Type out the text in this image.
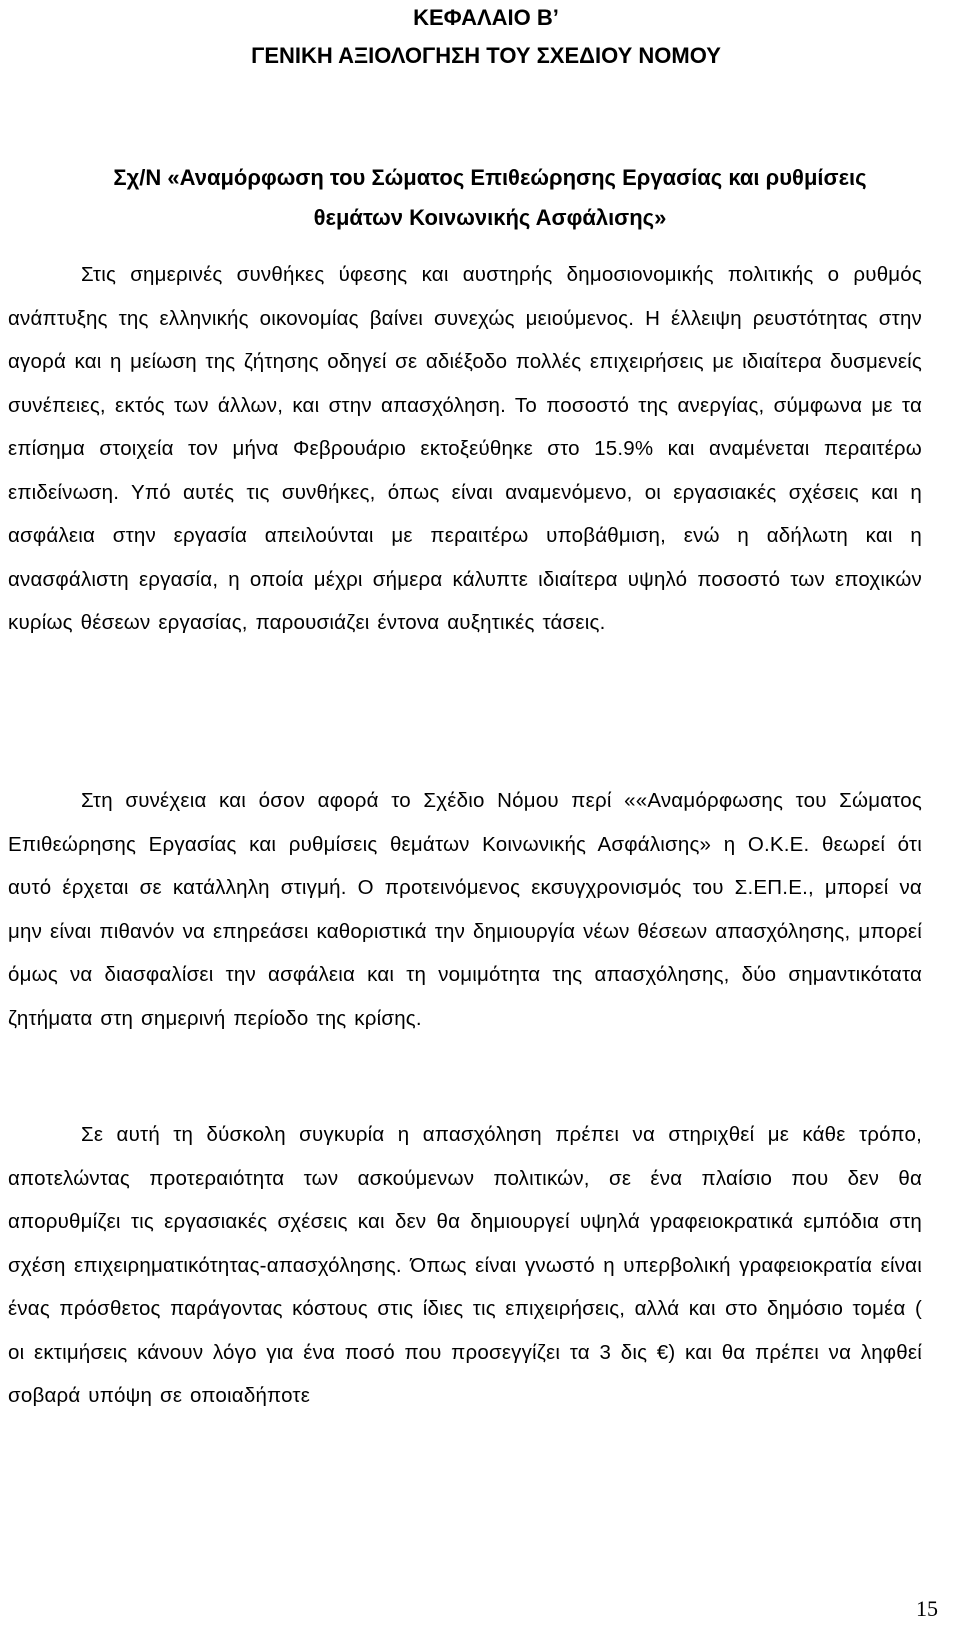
ΚΕΦΑΛΑΙΟ Β’

ΓΕΝΙΚΗ ΑΞΙΟΛΟΓΗΣΗ ΤΟΥ ΣΧΕΔΙΟΥ ΝΟΜΟΥ

Σχ/Ν «Αναμόρφωση του Σώματος Επιθεώρησης Εργασίας και ρυθμίσεις θεμάτων Κοινωνικής Ασφάλισης»

Στις σημερινές συνθήκες ύφεσης και αυστηρής δημοσιονομικής πολιτικής ο ρυθμός ανάπτυξης της ελληνικής οικονομίας βαίνει συνεχώς μειούμενος. Η έλλειψη ρευστότητας στην αγορά και η μείωση της ζήτησης οδηγεί σε αδιέξοδο πολλές επιχειρήσεις με ιδιαίτερα δυσμενείς συνέπειες, εκτός των άλλων, και στην απασχόληση. Το ποσοστό της ανεργίας, σύμφωνα με τα επίσημα στοιχεία τον μήνα Φεβρουάριο εκτοξεύθηκε στο 15.9% και αναμένεται περαιτέρω επιδείνωση. Υπό αυτές τις συνθήκες, όπως είναι αναμενόμενο, οι εργασιακές σχέσεις και η ασφάλεια στην εργασία απειλούνται με περαιτέρω υποβάθμιση, ενώ η αδήλωτη και η ανασφάλιστη εργασία, η οποία μέχρι σήμερα κάλυπτε ιδιαίτερα υψηλό ποσοστό των εποχικών κυρίως θέσεων εργασίας, παρουσιάζει έντονα αυξητικές τάσεις.

Στη συνέχεια και όσον αφορά το Σχέδιο Νόμου περί ««Αναμόρφωσης του Σώματος Επιθεώρησης Εργασίας και ρυθμίσεις θεμάτων Κοινωνικής Ασφάλισης» η Ο.Κ.Ε. θεωρεί ότι αυτό έρχεται σε κατάλληλη στιγμή. Ο προτεινόμενος εκσυγχρονισμός του Σ.ΕΠ.Ε., μπορεί να μην είναι πιθανόν να επηρεάσει καθοριστικά την δημιουργία νέων θέσεων απασχόλησης, μπορεί όμως να διασφαλίσει την ασφάλεια και τη νομιμότητα της απασχόλησης, δύο σημαντικότατα ζητήματα στη σημερινή περίοδο της κρίσης.

Σε αυτή τη δύσκολη συγκυρία η απασχόληση πρέπει να στηριχθεί με κάθε τρόπο, αποτελώντας προτεραιότητα των ασκούμενων πολιτικών, σε ένα πλαίσιο που δεν θα απορυθμίζει τις εργασιακές σχέσεις και δεν θα δημιουργεί υψηλά γραφειοκρατικά εμπόδια στη σχέση επιχειρηματικότητας-απασχόλησης. Όπως είναι γνωστό η υπερβολική γραφειοκρατία είναι ένας πρόσθετος παράγοντας κόστους στις ίδιες τις επιχειρήσεις, αλλά και στο δημόσιο τομέα ( οι εκτιμήσεις κάνουν λόγο για ένα ποσό που προσεγγίζει τα 3 δις €) και θα πρέπει να ληφθεί σοβαρά υπόψη σε οποιαδήποτε

15
